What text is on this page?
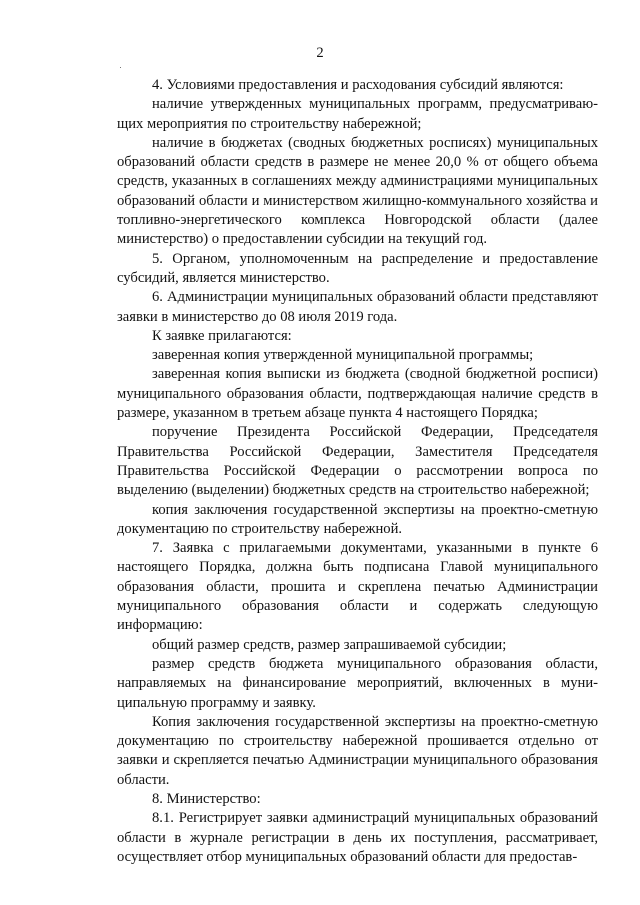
2

4. Условиями предоставления и расходования субсидий являются:

наличие утвержденных муниципальных программ, предусматривающих мероприятия по строительству набережной;

наличие в бюджетах (сводных бюджетных росписях) муниципальных образований области средств в размере не менее 20,0 % от общего объема средств, указанных в соглашениях между администрациями муниципальных образований области и министерством жилищно-коммунального хозяйства и топливно-энергетического комплекса Новгородской области (далее министерство) о предоставлении субсидии на текущий год.

5. Органом, уполномоченным на распределение и предоставление субсидий, является министерство.

6. Администрации муниципальных образований области представляют заявки в министерство до 08 июля 2019 года.

К заявке прилагаются:

заверенная копия утвержденной муниципальной программы;

заверенная копия выписки из бюджета (сводной бюджетной росписи) муниципального образования области, подтверждающая наличие средств в размере, указанном в третьем абзаце пункта 4 настоящего Порядка;

поручение Президента Российской Федерации, Председателя Правительства Российской Федерации, Заместителя Председателя Правительства Российской Федерации о рассмотрении вопроса по выделению (выделении) бюджетных средств на строительство набережной;

копия заключения государственной экспертизы на проектно-сметную документацию по строительству набережной.

7. Заявка с прилагаемыми документами, указанными в пункте 6 настоящего Порядка, должна быть подписана Главой муниципального образования области, прошита и скреплена печатью Администрации муниципального образования области и содержать следующую информацию:

общий размер средств, размер запрашиваемой субсидии;

размер средств бюджета муниципального образования области, направляемых на финансирование мероприятий, включенных в муниципальную программу и заявку.

Копия заключения государственной экспертизы на проектно-сметную документацию по строительству набережной прошивается отдельно от заявки и скрепляется печатью Администрации муниципального образования области.

8. Министерство:

8.1. Регистрирует заявки администраций муниципальных образований области в журнале регистрации в день их поступления, рассматривает, осуществляет отбор муниципальных образований области для предостав-
